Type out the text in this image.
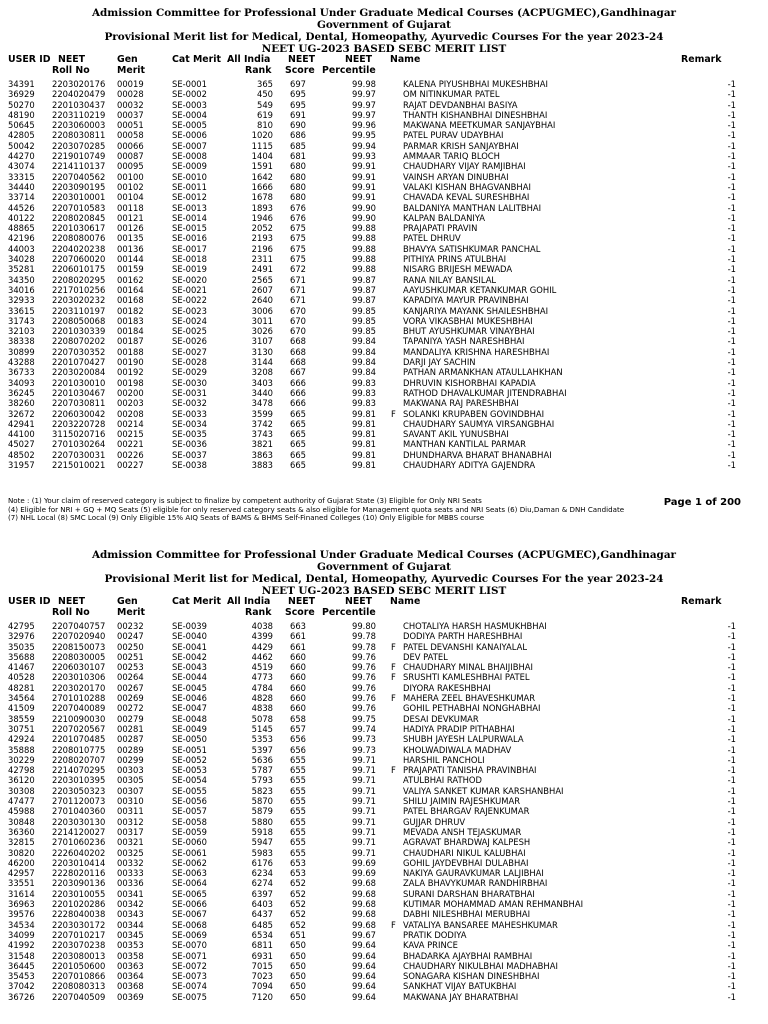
Admission Committee for Professional Under Graduate Medical Courses (ACPUGMEC),Gandhinagar
Government of Gujarat
Provisional Merit list for Medical, Dental, Homeopathy, Ayurvedic Courses For the year 2023-24
NEET UG-2023 BASED SEBC MERIT LIST
USER ID NEET
Roll No
Gen
Merit
Cat Merit All India
Rank
NEET
Score
NEET
Percentile
Name	Remark
34391 2203020176 00019	SE-0001	365 697	99.98	KALENA PIYUSHBHAI MUKESHBHAI	-1
36929 2204020479 00028	SE-0002	450 695	99.97	OM NITINKUMAR PATEL	-1
50270 2201030437 00032	SE-0003	549 695	99.97	RAJAT DEVDANBHAI BASIYA	-1
48190 2203110219 00037	SE-0004	619 691	99.97	THANTH KISHANBHAI DINESHBHAI	-1
50645 2203060003 00051	SE-0005	810 690	99.96	MAKWANA MEETKUMAR SANJAYBHAI	-1
42805 2208030811 00058	SE-0006	1020 686	99.95	PATEL PURAV UDAYBHAI	-1
50042 2203070285 00066	SE-0007	1115 685	99.94	PARMAR KRISH SANJAYBHAI	-1
44270 2219010749 00087	SE-0008	1404 681	99.93	AMMAAR TARIQ BLOCH	-1
43074 2214110137 00095	SE-0009	1591 680	99.91	CHAUDHARY VIJAY RAMJIBHAI	-1
33315 2207040562 00100	SE-0010	1642 680	99.91	VAINSH ARYAN DINUBHAI	-1
34440 2203090195 00102	SE-0011	1666 680	99.91	VALAKI KISHAN BHAGVANBHAI	-1
33714 2203010001 00104	SE-0012	1678 680	99.91	CHAVADA KEVAL SURESHBHAI	-1
44526 2207010583 00118	SE-0013	1893 676	99.90	BALDANIYA MANTHAN LALITBHAI	-1
40122 2208020845 00121	SE-0014	1946 676	99.90	KALPAN BALDANIYA	-1
48865 2201030617 00126	SE-0015	2052 675	99.88	PRAJAPATI PRAVIN	-1
42196 2208080076 00135	SE-0016	2193 675	99.88	PATEL DHRUV	-1
44003 2204020238 00136	SE-0017	2196 675	99.88	BHAVYA SATISHKUMAR PANCHAL	-1
34028 2207060020 00144	SE-0018	2311 675	99.88	PITHIYA PRINS ATULBHAI	-1
35281 2206010175 00159	SE-0019	2491 672	99.88	NISARG BRIJESH MEWADA	-1
34350 2208020295 00162	SE-0020	2565 671	99.87	RANA NILAY BANSILAL	-1
34016 2217010256 00164	SE-0021	2607 671	99.87	AAYUSHKUMAR KETANKUMAR GOHIL	-1
32933 2203020232 00168	SE-0022	2640 671	99.87	KAPADIYA MAYUR PRAVINBHAI	-1
33615 2203110197 00182	SE-0023	3006 670	99.85	KANJARIYA MAYANK SHAILESHBHAI	-1
31743 2208050068 00183	SE-0024	3011 670	99.85	VORA VIKASBHAI MUKESHBHAI	-1
32103 2201030339 00184	SE-0025	3026 670	99.85	BHUT AYUSHKUMAR VINAYBHAI	-1
38338 2208070202 00187	SE-0026	3107 668	99.84	TAPANIYA YASH NARESHBHAI	-1
30899 2207030352 00188	SE-0027	3130 668	99.84	MANDALIYA KRISHNA HARESHBHAI	-1
43288 2201070427 00190	SE-0028	3144 668	99.84	DARJI JAY SACHIN	-1
36733 2203020084 00192	SE-0029	3208 667	99.84	PATHAN ARMANKHAN ATAULLAHKHAN	-1
34093 2201030010 00198	SE-0030	3403 666	99.83	DHRUVIN KISHORBHAI KAPADIA	-1
36245 2201030467 00200	SE-0031	3440 666	99.83	RATHOD DHAVALKUMAR JITENDRABHAI	-1
38260 2207030811 00203	SE-0032	3478 666	99.83	MAKWANA RAJ PARESHBHAI	-1
32672 2206030042 00208	SE-0033	3599 665	99.81 F SOLANKI KRUPABEN GOVINDBHAI	-1
42941 2203220728 00214	SE-0034	3742 665	99.81	CHAUDHARY SAUMYA VIRSANGBHAI	-1
44100 3115020716 00215	SE-0035	3743 665	99.81	SAVANT AKIL YUNUSBHAI	-1
45027 2701030264 00221	SE-0036	3821 665	99.81	MANTHAN KANTILAL PARMAR	-1
48502 2207030031 00226	SE-0037	3863 665	99.81	DHUNDHARVA BHARAT BHANABHAI	-1
31957 2215010021 00227	SE-0038	3883 665	99.81	CHAUDHARY ADITYA GAJENDRA	-1
Note : (1) Your claim of reserved category is subject to finalize by competent authority of Gujarat State (3) Eligible for Only NRI Seats
(4) Eligible for NRI + GQ + MQ Seats (5) eligible for only reserved category seats & also eligible for Management quota seats and NRI Seats (6) Diu,Daman & DNH Candidate
(7) NHL Local (8) SMC Local (9) Only Eligible 15% AIQ Seats of BAMS & BHMS Self-Finaned Colleges (10) Only Eligible for MBBS course
Page 1 of 200
Admission Committee for Professional Under Graduate Medical Courses (ACPUGMEC),Gandhinagar
Government of Gujarat
Provisional Merit list for Medical, Dental, Homeopathy, Ayurvedic Courses For the year 2023-24
NEET UG-2023 BASED SEBC MERIT LIST
USER ID NEET
Roll No
Gen
Merit
Cat Merit All India
Rank
NEET
Score
NEET
Percentile
Name	Remark
42795 2207040757 00232	SE-0039	4038 663	99.80	CHOTALIYA HARSH HASMUKHBHAI	-1
32976 2207020940 00247	SE-0040	4399 661	99.78	DODIYA PARTH HARESHBHAI	-1
35035 2208150073 00250	SE-0041	4429 661	99.78 F PATEL DEVANSHI KANAIYALAL	-1
35688 2208030005 00251	SE-0042	4462 660	99.76	DEV PATEL	-1
41467 2206030107 00253	SE-0043	4519 660	99.76 F CHAUDHARY MINAL BHAIJIBHAI	-1
40528 2203010306 00264	SE-0044	4773 660	99.76 F SRUSHTI KAMLESHBHAI PATEL	-1
48281 2203020170 00267	SE-0045	4784 660	99.76	DIYORA RAKESHBHAI	-1
34564 2701010288 00269	SE-0046	4828 660	99.76 F MAHERA ZEEL BHAVESHKUMAR	-1
41509 2207040089 00272	SE-0047	4838 660	99.76	GOHIL PETHABHAI NONGHABHAI	-1
38559 2210090030 00279	SE-0048	5078 658	99.75	DESAI DEVKUMAR	-1
30751 2207020567 00281	SE-0049	5145 657	99.74	HADIYA PRADIP PITHABHAI	-1
42924 2201070485 00287	SE-0050	5353 656	99.73	SHUBH JAYESH LALPURWALA	-1
35888 2208010775 00289	SE-0051	5397 656	99.73	KHOLWADIWALA MADHAV	-1
30229 2208020707 00299	SE-0052	5636 655	99.71	HARSHIL PANCHOLI	-1
42798 2214070295 00303	SE-0053	5787 655	99.71 F PRAJAPATI TANISHA PRAVINBHAI	-1
36120 2203010395 00305	SE-0054	5793 655	99.71	ATULBHAI RATHOD	-1
30308 2203050323 00307	SE-0055	5823 655	99.71	VALIYA SANKET KUMAR KARSHANBHAI	-1
47477 2701120073 00310	SE-0056	5870 655	99.71	SHILU JAIMIN RAJESHKUMAR	-1
45988 2701040360 00311	SE-0057	5879 655	99.71	PATEL BHARGAV RAJENKUMAR	-1
30848 2203030130 00312	SE-0058	5880 655	99.71	GUJJAR DHRUV	-1
36360 2214120027 00317	SE-0059	5918 655	99.71	MEVADA ANSH TEJASKUMAR	-1
32815 2701060236 00321	SE-0060	5947 655	99.71	AGRAVAT BHARDWAJ KALPESH	-1
30820 2226040202 00325	SE-0061	5983 655	99.71	CHAUDHARI NIKUL KALUBHAI	-1
46200 2203010414 00332	SE-0062	6176 653	99.69	GOHIL JAYDEVBHAI DULABHAI	-1
42957 2228020116 00333	SE-0063	6234 653	99.69	NAKIYA GAURAVKUMAR LALJIBHAI	-1
33551 2203090136 00336	SE-0064	6274 652	99.68	ZALA BHAVYKUMAR RANDHIRBHAI	-1
31614 2203010055 00341	SE-0065	6397 652	99.68	SURANI DARSHAN BHARATBHAI	-1
36963 2201020286 00342	SE-0066	6403 652	99.68	KUTIMAR MOHAMMAD AMAN REHMANBHAI	-1
39576 2228040038 00343	SE-0067	6437 652	99.68	DABHI NILESHBHAI MERUBHAI	-1
34534 2203030172 00344	SE-0068	6485 652	99.68 F VATALIYA BANSAREE MAHESHKUMAR	-1
34099 2207010217 00345	SE-0069	6534 651	99.67	PRATIK DODIYA	-1
41992 2203070238 00353	SE-0070	6811 650	99.64	KAVA PRINCE	-1
31548 2203080013 00358	SE-0071	6931 650	99.64	BHADARKA AJAYBHAI RAMBHAI	-1
36445 2201050600 00363	SE-0072	7015 650	99.64	CHAUDHARY NIKULBHAI MADHABHAI	-1
35453 2207010866 00364	SE-0073	7023 650	99.64	SONAGARA KISHAN DINESHBHAI	-1
37042 2208080313 00368	SE-0074	7094 650	99.64	SANKHAT VIJAY BATUKBHAI	-1
36726 2207040509 00369	SE-0075	7120 650	99.64	MAKWANA JAY BHARATBHAI	-1
